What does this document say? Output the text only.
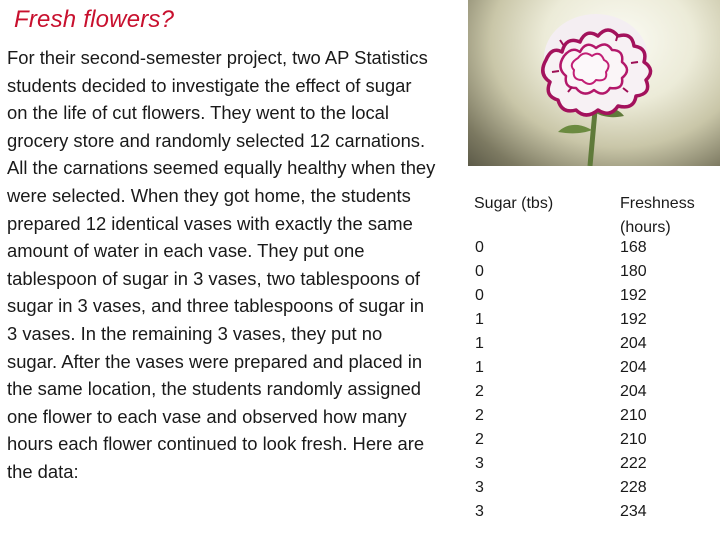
Fresh flowers?
For their second-semester project, two AP Statistics students decided to investigate the effect of sugar on the life of cut flowers. They went to the local grocery store and randomly selected 12 carnations. All the carnations seemed equally healthy when they were selected. When they got home, the students prepared 12 identical vases with exactly the same amount of water in each vase. They put one tablespoon of sugar in 3 vases, two tablespoons of sugar in 3 vases, and three tablespoons of sugar in 3 vases. In the remaining 3 vases, they put no sugar. After the vases were prepared and placed in the same location, the students randomly assigned one flower to each vase and observed how many hours each flower continued to look fresh. Here are the data:
Sugar (tbs)	Freshness
(hours)
0	168
0	180
0	192
1	192
1	204
1	204
2	204
2	210
2	210
3	222
3	228
3	234
